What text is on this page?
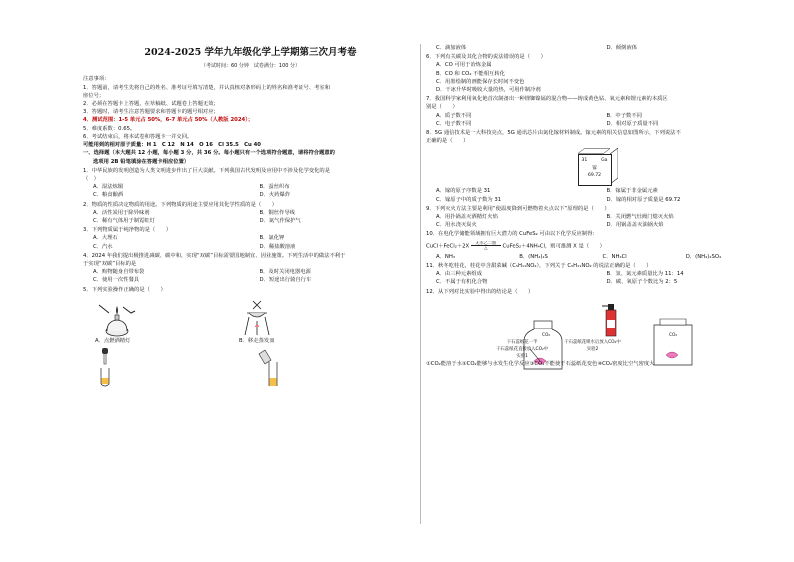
2024-2025 学年九年级化学上学期第三次月考卷
（考试时间：60 分钟　试卷满分：100 分）
注意事项：
1．答题前，请考生先将自己的姓名、准考证号填写清楚，并认真核对条形码上的姓名和准考证号、考室和
座位号；
2．必须在答题卡上答题，在草稿纸、试题卷上答题无效；
3．答题时，请考生注意答题要求和答题卡的题号相对应；
4．测试范围：1-5 单元占 50%，6-7 单元占 50%（人教版 2024）；
5．难度系数：0.65。
6．考试结束后，将本试卷和答题卡一并交回。
可能用到的相对原子质量：H 1　C 12　N 14　O 16　Cl 35.5　Cu 40
一、选择题（本大题共 12 小题，每小题 3 分，共 36 分。每小题只有一个选项符合题意，请将符合题意的
选项用 2B 铅笔填涂在答题卡相应位置）
1．中华民族的发明创造为人类文明进步作出了巨大贡献。下列我国古代发明及应用中不涉及化学变化的是
（　）
A．湿法炼铜	B．蚕丝织布
C．粮食酿酒	D．火药爆炸
2．物质的性质决定物质的用途。下列物质的用途主要应用其化学性质的是（　　）
A．活性炭用于除异味剂	B．铜丝作导线
C．稀有气体用于制霓虹灯	D．氮气作保护气
3．下列物质属于纯净物的是（　　）
A．大理石	B．氯化钾
C．汽水	D．稀盐酸溶液
4．2024 年我们提出极推进减碳、碳中和，实现“双碳”目标需要国地制宜、因业施策。下列生活中的做法不利于
于实现“双碳”目标的是
A．购物随身自带布袋	B．及时关闭电器电源
C．使用一次性餐具	D．短途出行骑自行车
5．下列实验操作正确的是（　　）
A．点燃酒精灯	B．移走蒸发皿
C．滴加液体	D．倾倒液体
6．下列有关碳及其化合物的说法错误的是（　　）
A．CO 可用于冶炼金属
B．CO 和 CO₂ 不能相互转化
C．用墨绘制的画能保存长时间不变色
D．干冰升华时吸收大量的热，可用作制冷剂
7．我国科学家利用氧化铯首次制备出一种锂铷镍锰的混合物——铸成黄色钻、氧元素和锂元素的本质区
别是（　　）
A．质子数不同	B．中子数不同
C．电子数不同	D．相对原子质量不同
8．5G 通信技术是一大科技亮点，5G 通讯芯片由氮化镓材料制成。镓元素的相关信息如图所示，下列说法不
正确的是（　　）
31	Ga
镓
69.72
A．镓的原子序数是 31	B．镓属于非金属元素
C．镓原子中的质子数为 31	D．镓的相对原子质量是 69.72
9．下列灭火方法主要是利用“使温度降到可燃物着火点以下”原理的是（　　）
A．用扑锅盖灭酒精灯火焰	B．关闭燃气灶阀门熄灭火焰
C．用水浇灭炭火	D．用锅盖盖灭油锅火焰
10．在电化学储能领域拥有巨大潜力的 CuFeS₂ 可由以下化学反应制得：
CuCl＋FeCl₂＋2X
无水乙二胺
△	CuFeS₂＋4NH₄Cl，则可推测 X 是（　　）
A．NH₃	B．(NH₄)₂S	C．NH₄Cl	D．(NH₄)₂SO₄
11．秋冬吃桂花，桂花中含甜菜碱（C₅H₁₁NO₂），下列关于 C₅H₁₁NO₂ 的说法正确的是（　　）
A．由三种元素组成	B．氢、氮元素质量比为 11：14
C．不属于有机化合物	D．碳、氧原子个数比为 2：5
12．从下列对比实验中得出的结论是（　　）
CO₂	CO₂
干石蕊纸花一半
干石蕊纸花直接放入CO₂中
实验1
干石蕊纸花喷水后放入CO₂中
实验2
①CO₂能溶于水②CO₂能够与水发生化学反应③CO₂不能使干石蕊纸花变色④CO₂密度比空气密度大
